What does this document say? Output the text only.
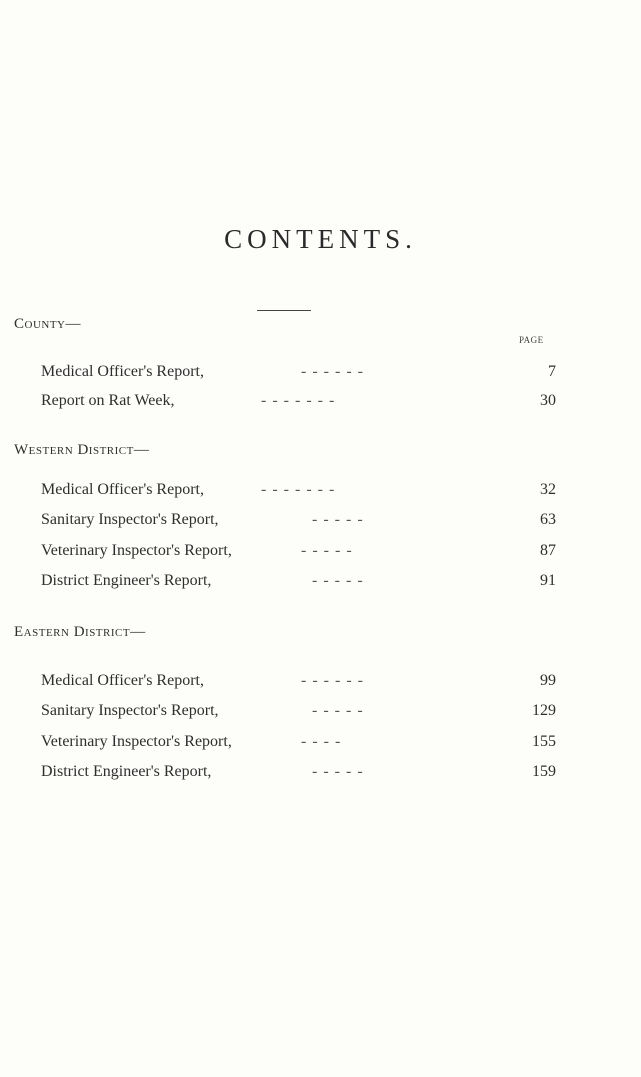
CONTENTS.
PAGE
County—
Medical Officer's Report,	- - - - - -	7
Report on Rat Week,	- - - - - - -	30
Western District—
Medical Officer's Report,	- - - - - - -	32
Sanitary Inspector's Report,	- - - - -	63
Veterinary Inspector's Report,	- - - - -	87
District Engineer's Report,	- - - - -	91
Eastern District—
Medical Officer's Report,	- - - - - -	99
Sanitary Inspector's Report,	- - - - -	129
Veterinary Inspector's Report,	- - - -	155
District Engineer's Report,	- - - - -	159
